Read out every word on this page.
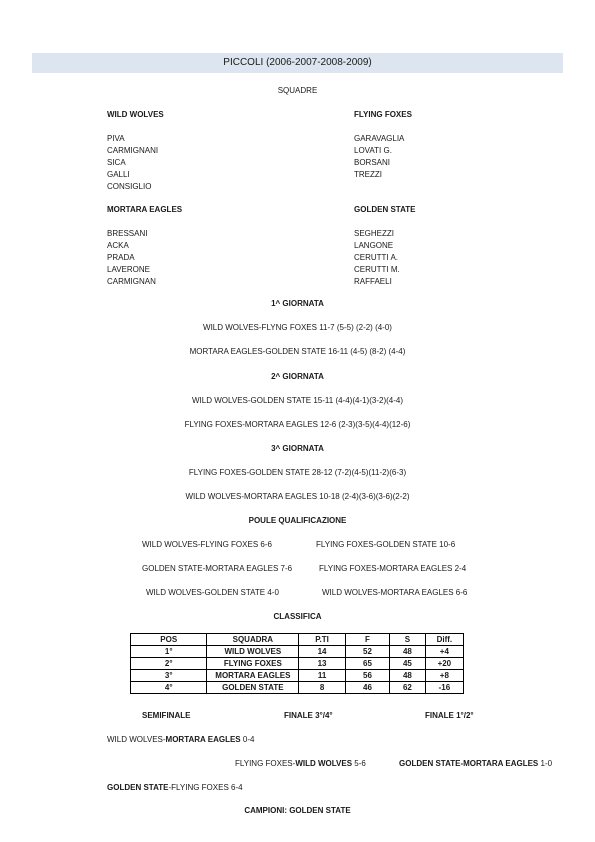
PICCOLI (2006-2007-2008-2009)
SQUADRE
WILD WOLVES
PIVA
CARMIGNANI
SICA
GALLI
CONSIGLIO
FLYING FOXES
GARAVAGLIA
LOVATI G.
BORSANI
TREZZI
MORTARA EAGLES
BRESSANI
ACKA
PRADA
LAVERONE
CARMIGNAN
GOLDEN STATE
SEGHEZZI
LANGONE
CERUTTI A.
CERUTTI M.
RAFFAELI
1^ GIORNATA
WILD WOLVES-FLYNG FOXES 11-7 (5-5) (2-2) (4-0)
MORTARA EAGLES-GOLDEN STATE 16-11 (4-5) (8-2) (4-4)
2^ GIORNATA
WILD WOLVES-GOLDEN STATE 15-11 (4-4)(4-1)(3-2)(4-4)
FLYING FOXES-MORTARA EAGLES 12-6 (2-3)(3-5)(4-4)(12-6)
3^ GIORNATA
FLYING FOXES-GOLDEN STATE 28-12 (7-2)(4-5)(11-2)(6-3)
WILD WOLVES-MORTARA EAGLES 10-18 (2-4)(3-6)(3-6)(2-2)
POULE QUALIFICAZIONE
WILD WOLVES-FLYING FOXES 6-6	FLYING FOXES-GOLDEN STATE 10-6
GOLDEN STATE-MORTARA EAGLES 7-6	FLYING FOXES-MORTARA EAGLES 2-4
WILD WOLVES-GOLDEN STATE 4-0	WILD WOLVES-MORTARA EAGLES 6-6
CLASSIFICA
POS	SQUADRA	P.TI	F	S	Diff.
1°	WILD WOLVES	14	52	48	+4
2°	FLYING FOXES	13	65	45	+20
3°	MORTARA EAGLES	11	56	48	+8
4°	GOLDEN STATE	8	46	62	-16
SEMIFINALE	FINALE 3°/4°	FINALE 1°/2°
WILD WOLVES-MORTARA EAGLES 0-4
FLYING FOXES-WILD WOLVES 5-6	GOLDEN STATE-MORTARA EAGLES 1-0
GOLDEN STATE-FLYING FOXES 6-4
CAMPIONI: GOLDEN STATE
